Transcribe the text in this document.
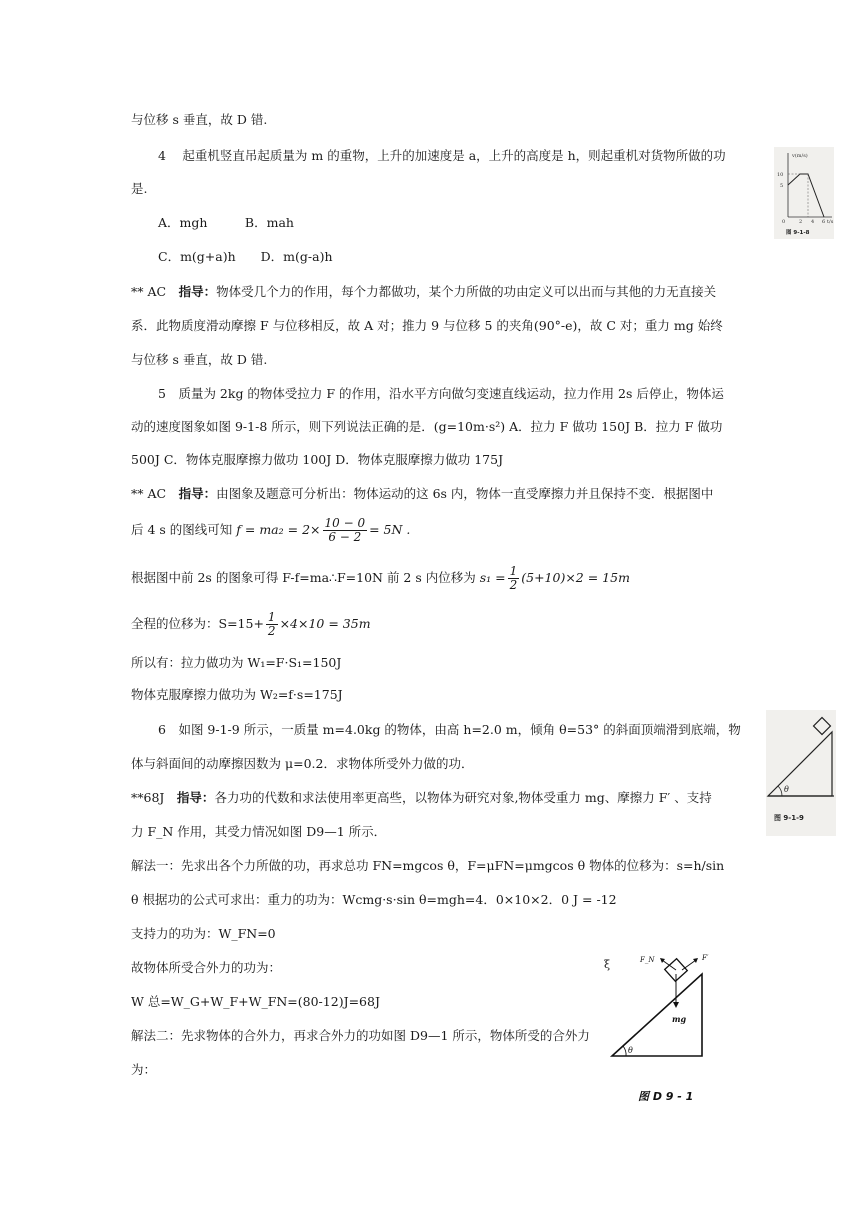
与位移 s 垂直，故 D 错.
4　 起重机竖直吊起质量为 m 的重物，上升的加速度是 a，上升的高度是 h，则起重机对货物所做的功
是.
A．mgh　　　B．mah
C．m(g+a)h　　D．m(g-a)h
** AC　指导：物体受几个力的作用，每个力都做功，某个力所做的功由定义可以出而与其他的力无直接关
系．此物质度滑动摩擦 F 与位移相反，故 A 对；推力 9 与位移 5 的夹角(90°-e)，故 C 对；重力 mg 始终
与位移 s 垂直，故 D 错.
5　质量为 2kg 的物体受拉力 F 的作用，沿水平方向做匀变速直线运动，拉力作用 2s 后停止，物体运
动的速度图象如图 9-1-8 所示，则下列说法正确的是．(g=10m·s²) A．拉力 F 做功 150J B．拉力 F 做功
500J C．物体克服摩擦力做功 100J D．物体克服摩擦力做功 175J
** AC　指导：由图象及题意可分析出：物体运动的这 6s 内，物体一直受摩擦力并且保持不变．根据图中
后 4 s 的图线可知 $f = ma_2 = 2\times \frac{10 - 0}{6 - 2} = 5N$ .
根据图中前 2s 的图象可得 F-f=ma∴F=10N 前 2 s 内位移为 $s_1 = \frac{1}{2} (5+10)\times 2 = 15m$
全程的位移为：$S=15+ \frac{1}{2} \times 4\times 10 = 35m$
所以有：拉力做功为 W₁=F·S₁=150J
物体克服摩擦力做功为 W₂=f·s=175J
6　如图 9-1-9 所示，一质量 m=4.0kg 的物体，由高 h=2.0 m，倾角 θ=53° 的斜面顶端滑到底端，物
体与斜面间的动摩擦因数为 μ=0.2．求物体所受外力做的功．
**68J　指导：各力功的代数和求法使用率更高些，以物体为研究对象,物体受重力 mg、摩擦力 F′ 、支持
力 F_N 作用，其受力情况如图 D9—1 所示．
解法一：先求出各个力所做的功，再求总功 FN=mgcos θ，F=μFN=μmgcos θ 物体的位移为：s=h/sin
θ 根据功的公式可求出：重力的功为：Wcmg·s·sin θ=mgh=4．0×10×2．0 J = -12
支持力的功为：W_FN=0
故物体所受合外力的功为：
W 总=W_G+W_F+W_FN=(80-12)J=68J
解法二：先求物体的合外力，再求合外力的功如图 D9—1 所示，物体所受的合外力
为：
v(m/s)
10
5
0	2 4 6 t/s
图 9-1-8
θ
图 9-1-9
ξ	F_N	F′
mg
θ
图 D 9 - 1
